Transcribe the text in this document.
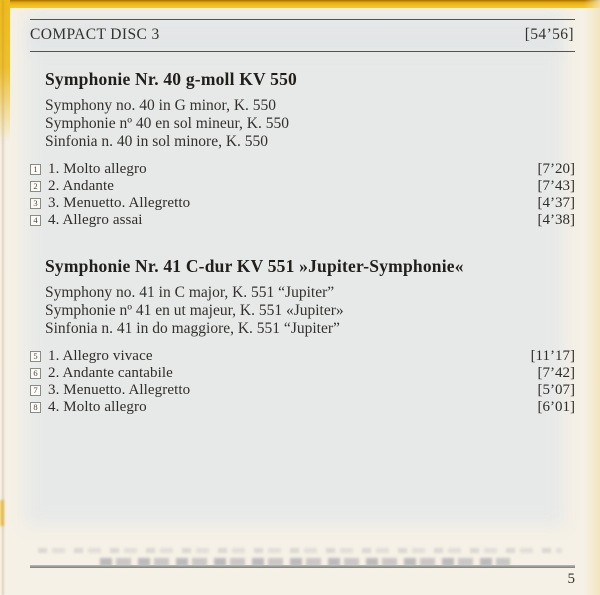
COMPACT DISC 3	[54’56]
Symphonie Nr. 40 g-moll KV 550
Symphony no. 40 in G minor, K. 550
Symphonie nº 40 en sol mineur, K. 550
Sinfonia n. 40 in sol minore, K. 550
1 1. Molto allegro	[7’20]
2 2. Andante	[7’43]
3 3. Menuetto. Allegretto	[4’37]
4 4. Allegro assai	[4’38]
Symphonie Nr. 41 C-dur KV 551 »Jupiter-Symphonie«
Symphony no. 41 in C major, K. 551 “Jupiter”
Symphonie nº 41 en ut majeur, K. 551 «Jupiter»
Sinfonia n. 41 in do maggiore, K. 551 “Jupiter”
5 1. Allegro vivace	[11’17]
6 2. Andante cantabile	[7’42]
7 3. Menuetto. Allegretto	[5’07]
8 4. Molto allegro	[6’01]
5
